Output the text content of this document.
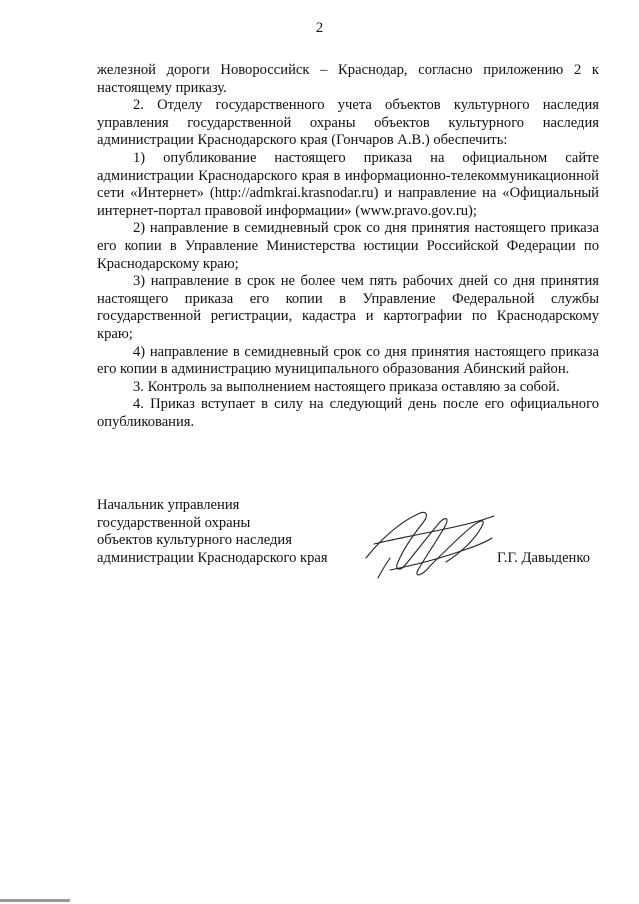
2

железной дороги Новороссийск – Краснодар, согласно приложению 2 к настоящему приказу.

2. Отделу государственного учета объектов культурного наследия управления государственной охраны объектов культурного наследия администрации Краснодарского края (Гончаров А.В.) обеспечить:

1) опубликование настоящего приказа на официальном сайте администрации Краснодарского края в информационно-телекоммуникационной сети «Интернет» (http://admkrai.krasnodar.ru) и направление на «Официальный интернет-портал правовой информации» (www.pravo.gov.ru);

2) направление в семидневный срок со дня принятия настоящего приказа его копии в Управление Министерства юстиции Российской Федерации по Краснодарскому краю;

3) направление в срок не более чем пять рабочих дней со дня принятия настоящего приказа его копии в Управление Федеральной службы государственной регистрации, кадастра и картографии по Краснодарскому краю;

4) направление в семидневный срок со дня принятия настоящего приказа его копии в администрацию муниципального образования Абинский район.

3. Контроль за выполнением настоящего приказа оставляю за собой.

4. Приказ вступает в силу на следующий день после его официального опубликования.

Начальник управления
государственной охраны
объектов культурного наследия
администрации Краснодарского края	Г.Г. Давыденко
